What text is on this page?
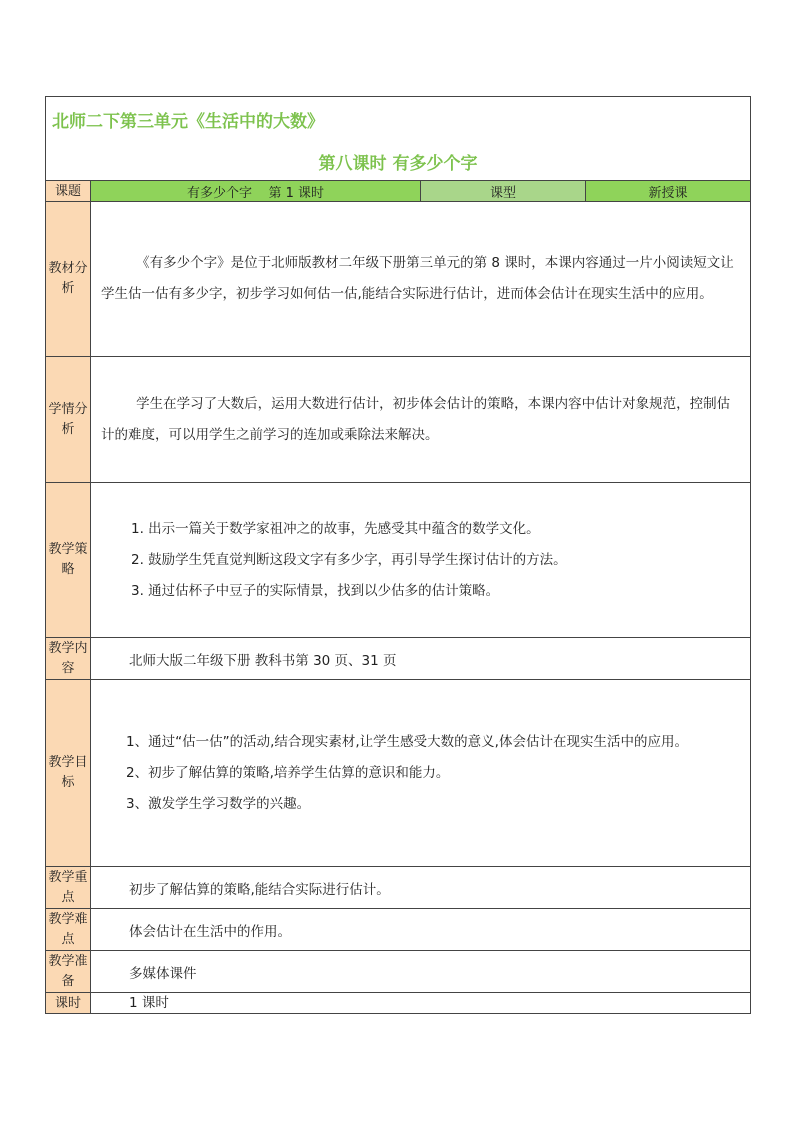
北师二下第三单元《生活中的大数》
第八课时 有多少个字			

课题	有多少个字    第 1 课时	课型	新授课
教材分析	《有多少个字》是位于北师版教材二年级下册第三单元的第 8 课时，本课内容通过一片小阅读短文让学生估一估有多少字，初步学习如何估一估,能结合实际进行估计，进而体会估计在现实生活中的应用。		

学情分析	学生在学习了大数后，运用大数进行估计，初步体会估计的策略，本课内容中估计对象规范，控制估计的难度，可以用学生之前学习的连加或乘除法来解决。		

教学策略	1. 出示一篇关于数学家祖冲之的故事，先感受其中蕴含的数学文化。

2. 鼓励学生凭直觉判断这段文字有多少字，再引导学生探讨估计的方法。

3. 通过估杯子中豆子的实际情景，找到以少估多的估计策略。		

教学内容	北师大版二年级下册 教科书第 30 页、31 页		
教学目标	1、通过“估一估”的活动,结合现实素材,让学生感受大数的意义,体会估计在现实生活中的应用。

2、初步了解估算的策略,培养学生估算的意识和能力。

3、激发学生学习数学的兴趣。		

教学重点	初步了解估算的策略,能结合实际进行估计。		
教学难点	体会估计在生活中的作用。		
教学准备	多媒体课件		
课时	1 课时		
